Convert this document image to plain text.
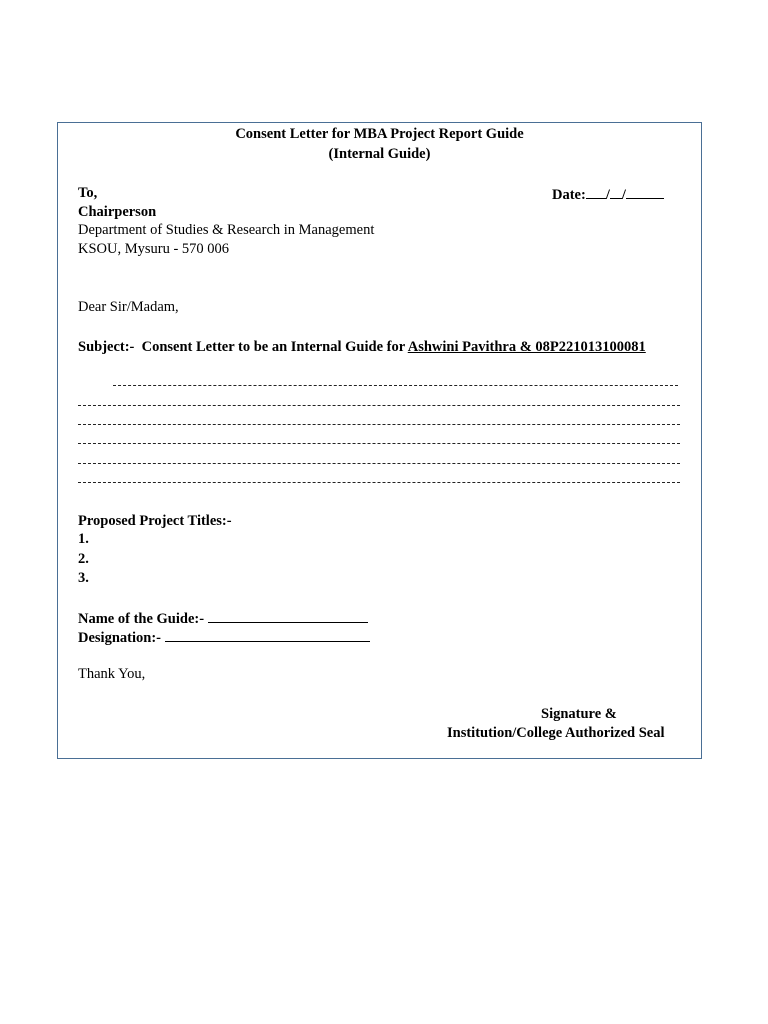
Consent Letter for MBA Project Report Guide
(Internal Guide)
To,	Date: / /
Chairperson
Department of Studies & Research in Management
KSOU, Mysuru - 570 006
Dear Sir/Madam,
Subject:-  Consent Letter to be an Internal Guide for Ashwini Pavithra & 08P221013100081
Proposed Project Titles:-
1.
2.
3.
Name of the Guide:-
Designation:-
Thank You,
Signature &
Institution/College Authorized Seal
